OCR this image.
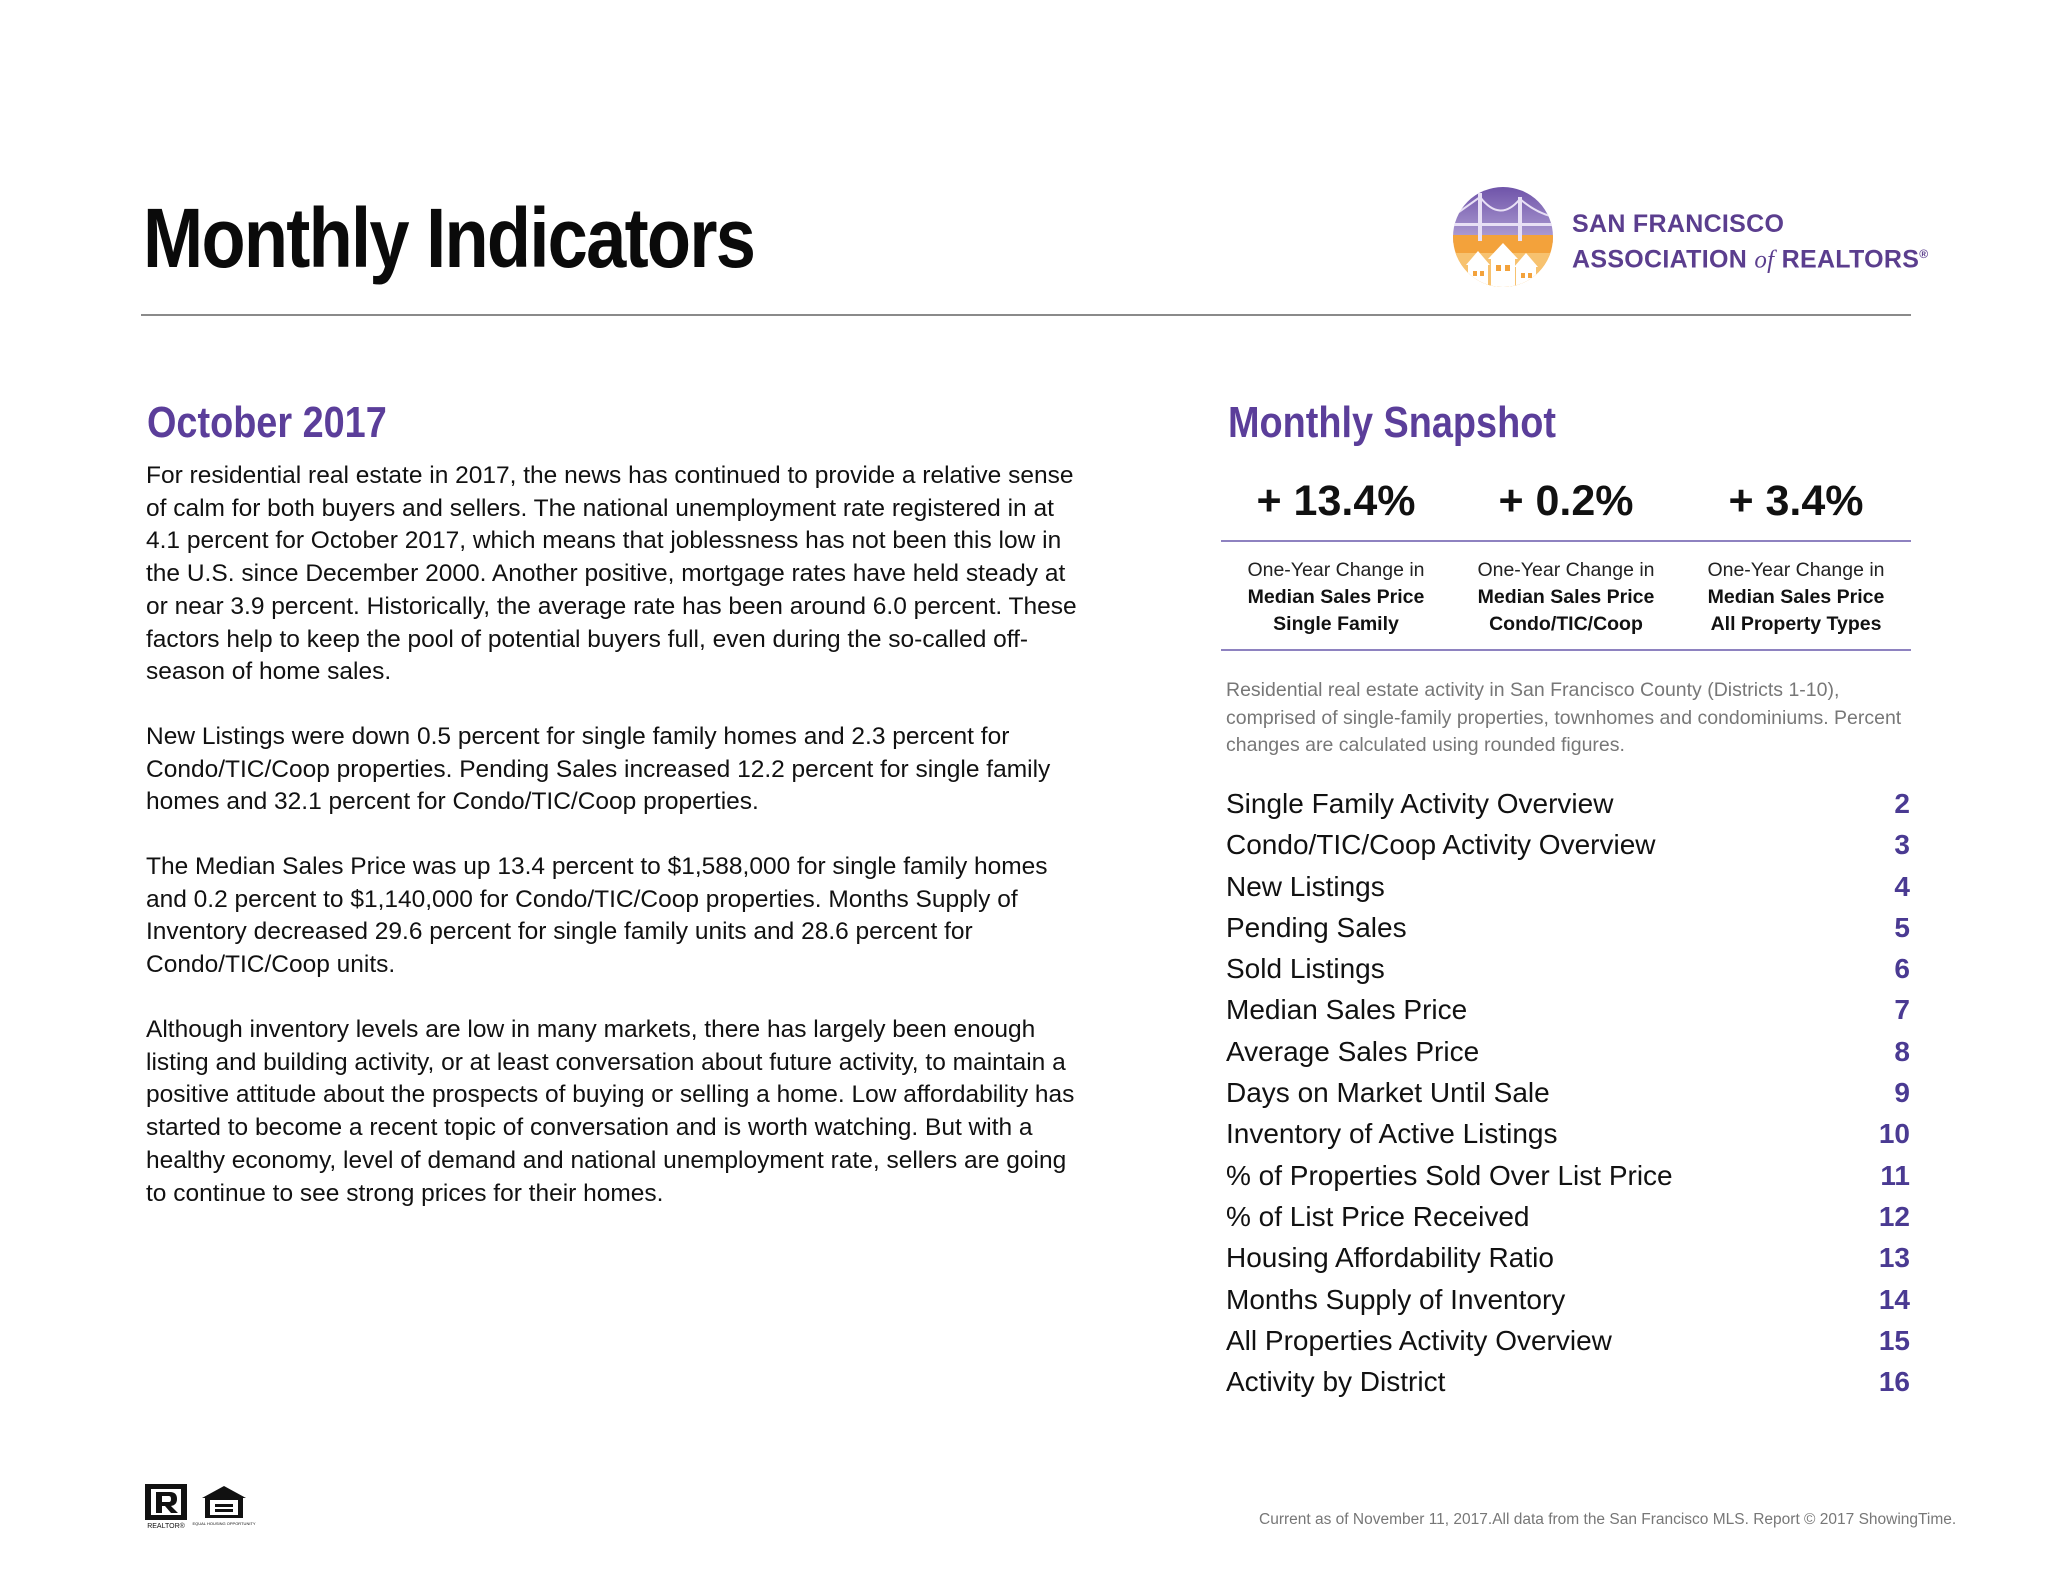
Monthly Indicators	SAN FRANCISCO
ASSOCIATION of REALTORS®
October 2017

For residential real estate in 2017, the news has continued to provide a relative sense of calm for both buyers and sellers. The national unemployment rate registered in at 4.1 percent for October 2017, which means that joblessness has not been this low in the U.S. since December 2000. Another positive, mortgage rates have held steady at or near 3.9 percent. Historically, the average rate has been around 6.0 percent. These factors help to keep the pool of potential buyers full, even during the so-called off-season of home sales.

New Listings were down 0.5 percent for single family homes and 2.3 percent for Condo/TIC/Coop properties. Pending Sales increased 12.2 percent for single family homes and 32.1 percent for Condo/TIC/Coop properties.

The Median Sales Price was up 13.4 percent to $1,588,000 for single family homes and 0.2 percent to $1,140,000 for Condo/TIC/Coop properties. Months Supply of Inventory decreased 29.6 percent for single family units and 28.6 percent for Condo/TIC/Coop units.

Although inventory levels are low in many markets, there has largely been enough listing and building activity, or at least conversation about future activity, to maintain a positive attitude about the prospects of buying or selling a home. Low affordability has started to become a recent topic of conversation and is worth watching. But with a healthy economy, level of demand and national unemployment rate, sellers are going to continue to see strong prices for their homes.

Monthly Snapshot
+ 13.4%	+ 0.2%	+ 3.4%
One-Year Change in
Median Sales Price
Single Family
One-Year Change in
Median Sales Price
Condo/TIC/Coop
One-Year Change in
Median Sales Price
All Property Types
Residential real estate activity in San Francisco County (Districts 1-10), comprised of single-family properties, townhomes and condominiums. Percent changes are calculated using rounded figures.
Single Family Activity Overview	2
Condo/TIC/Coop Activity Overview	3
New Listings	4
Pending Sales	5
Sold Listings	6
Median Sales Price	7
Average Sales Price	8
Days on Market Until Sale	9
Inventory of Active Listings	10
% of Properties Sold Over List Price	11
% of List Price Received	12
Housing Affordability Ratio	13
Months Supply of Inventory	14
All Properties Activity Overview	15
Activity by District	16
REALTOR® EQUAL HOUSING OPPORTUNITY	Current as of November 11, 2017.All data from the San Francisco MLS. Report © 2017 ShowingTime.
